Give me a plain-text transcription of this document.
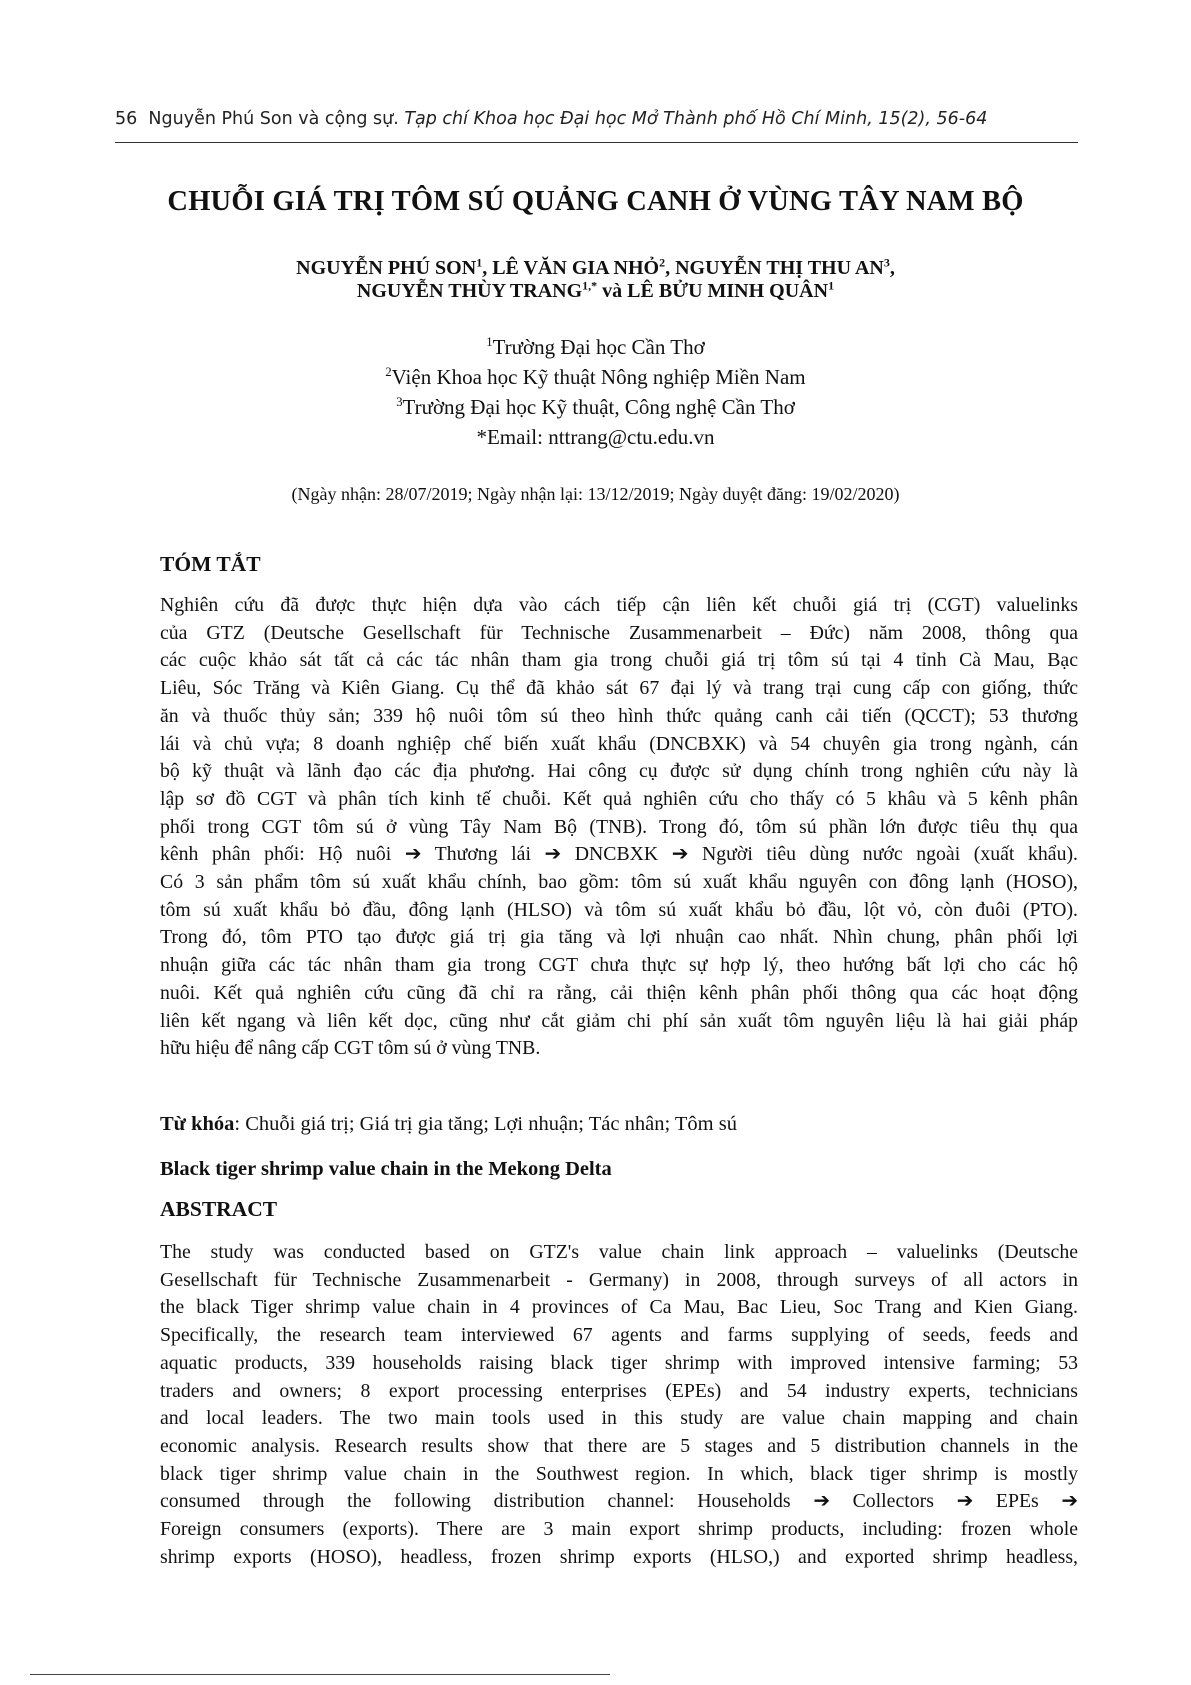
56 Nguyễn Phú Son và cộng sự. Tạp chí Khoa học Đại học Mở Thành phố Hồ Chí Minh, 15(2), 56-64
CHUỖI GIÁ TRỊ TÔM SÚ QUẢNG CANH Ở VÙNG TÂY NAM BỘ
NGUYỄN PHÚ SON$^1$, LÊ VĂN GIA NHỎ$^2$, NGUYỄN THỊ THU $AN^3$,
NGUYỄN THÙY $TRANG^{1,*}$ và LÊ BỬU MINH QUÂN$^1$
$^1$Trường Đại học Cần Thơ
$^2$Viện Khoa học Kỹ thuật Nông nghiệp Miền Nam
$^3$Trường Đại học Kỹ thuật, Công nghệ Cần Thơ
*Email: nttrang@ctu.edu.vn
(Ngày nhận: 28/07/2019; Ngày nhận lại: 13/12/2019; Ngày duyệt đăng: 19/02/2020)
TÓM TẮT
Nghiên cứu đã được thực hiện dựa vào cách tiếp cận liên kết chuỗi giá trị (CGT) valuelinks
của GTZ (Deutsche Gesellschaft für Technische Zusammenarbeit – Đức) năm 2008, thông qua
các cuộc khảo sát tất cả các tác nhân tham gia trong chuỗi giá trị tôm sú tại 4 tỉnh Cà Mau, Bạc
Liêu, Sóc Trăng và Kiên Giang. Cụ thể đã khảo sát 67 đại lý và trang trại cung cấp con giống, thức
ăn và thuốc thủy sản; 339 hộ nuôi tôm sú theo hình thức quảng canh cải tiến (QCCT); 53 thương
lái và chủ vựa; 8 doanh nghiệp chế biến xuất khẩu (DNCBXK) và 54 chuyên gia trong ngành, cán
bộ kỹ thuật và lãnh đạo các địa phương. Hai công cụ được sử dụng chính trong nghiên cứu này là
lập sơ đồ CGT và phân tích kinh tế chuỗi. Kết quả nghiên cứu cho thấy có 5 khâu và 5 kênh phân
phối trong CGT tôm sú ở vùng Tây Nam Bộ (TNB). Trong đó, tôm sú phần lớn được tiêu thụ qua
kênh phân phối: Hộ nuôi ➔ Thương lái ➔ DNCBXK ➔ Người tiêu dùng nước ngoài (xuất khẩu).
Có 3 sản phẩm tôm sú xuất khẩu chính, bao gồm: tôm sú xuất khẩu nguyên con đông lạnh (HOSO),
tôm sú xuất khẩu bỏ đầu, đông lạnh (HLSO) và tôm sú xuất khẩu bỏ đầu, lột vỏ, còn đuôi (PTO).
Trong đó, tôm PTO tạo được giá trị gia tăng và lợi nhuận cao nhất. Nhìn chung, phân phối lợi
nhuận giữa các tác nhân tham gia trong CGT chưa thực sự hợp lý, theo hướng bất lợi cho các hộ
nuôi. Kết quả nghiên cứu cũng đã chỉ ra rằng, cải thiện kênh phân phối thông qua các hoạt động
liên kết ngang và liên kết dọc, cũng như cắt giảm chi phí sản xuất tôm nguyên liệu là hai giải pháp
hữu hiệu để nâng cấp CGT tôm sú ở vùng TNB.
Từ khóa: Chuỗi giá trị; Giá trị gia tăng; Lợi nhuận; Tác nhân; Tôm sú
Black tiger shrimp value chain in the Mekong Delta
ABSTRACT
The study was conducted based on GTZ's value chain link approach – valuelinks (Deutsche
Gesellschaft für Technische Zusammenarbeit - Germany) in 2008, through surveys of all actors in
the black Tiger shrimp value chain in 4 provinces of Ca Mau, Bac Lieu, Soc Trang and Kien Giang.
Specifically, the research team interviewed 67 agents and farms supplying of seeds, feeds and
aquatic products, 339 households raising black tiger shrimp with improved intensive farming; 53
traders and owners; 8 export processing enterprises (EPEs) and 54 industry experts, technicians
and local leaders. The two main tools used in this study are value chain mapping and chain
economic analysis. Research results show that there are 5 stages and 5 distribution channels in the
black tiger shrimp value chain in the Southwest region. In which, black tiger shrimp is mostly
consumed through the following distribution channel: Households ➔ Collectors ➔ EPEs ➔
Foreign consumers (exports). There are 3 main export shrimp products, including: frozen whole
shrimp exports (HOSO), headless, frozen shrimp exports (HLSO,) and exported shrimp headless,
